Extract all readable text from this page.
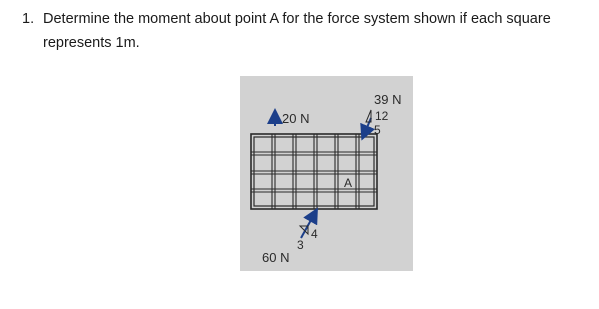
1. Determine the moment about point A for the force system shown if each square
represents 1m.
A
20 N
39 N
12
5
4
3
60 N
